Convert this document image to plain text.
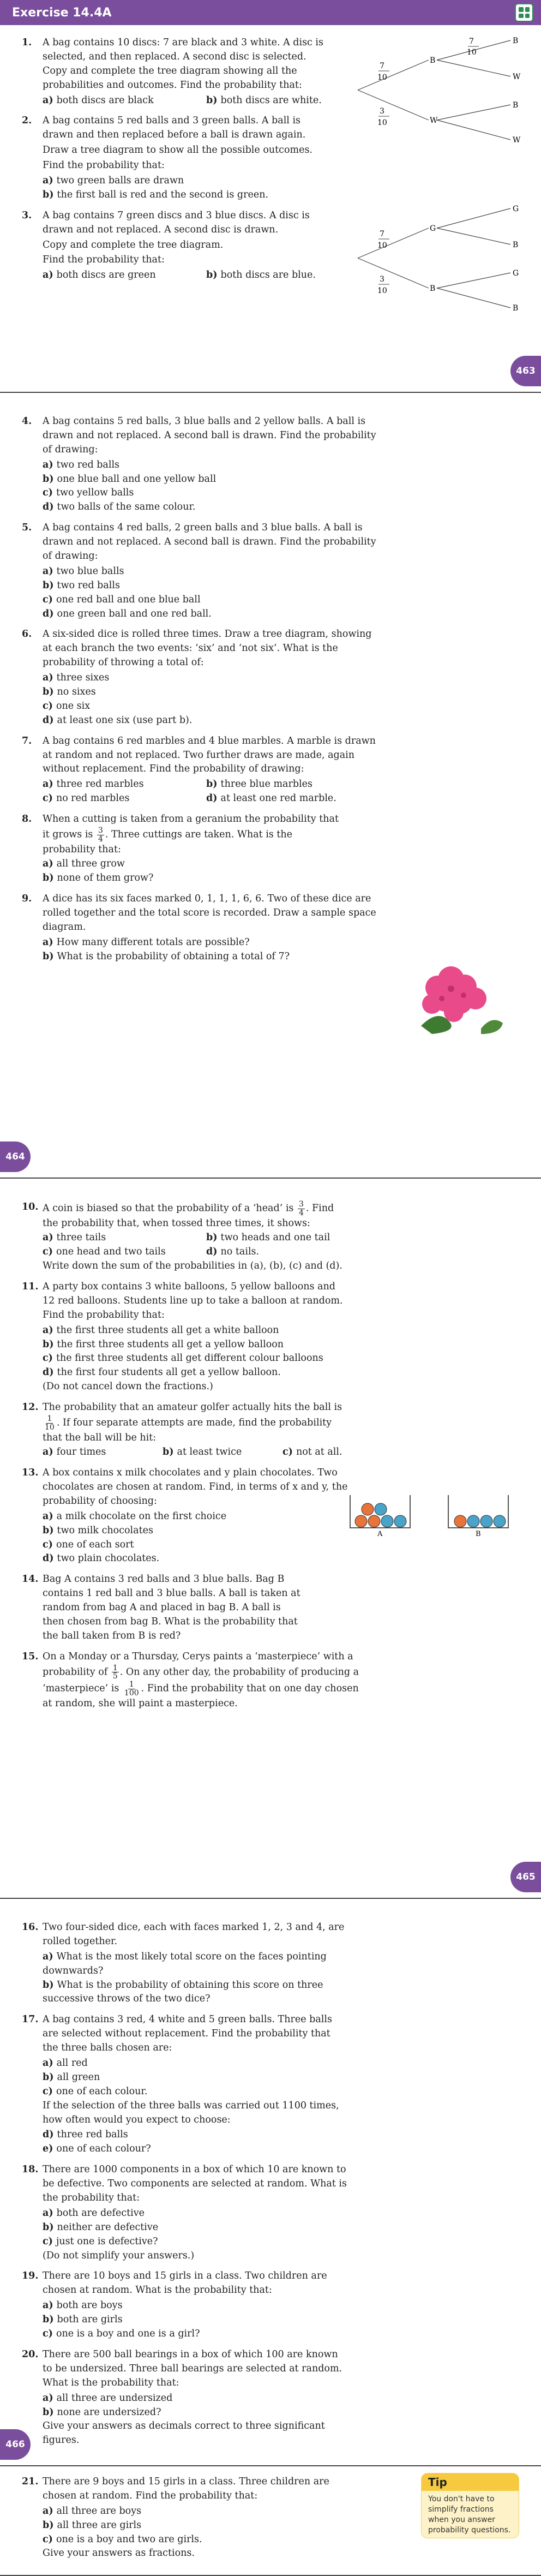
Exercise 14.4A
1. A bag contains 10 discs: 7 are black and 3 white. A disc is selected, and then replaced. A second disc is selected. Copy and complete the tree diagram showing all the probabilities and outcomes. Find the probability that:

a) both discs are black	b) both discs are white.
2. A bag contains 5 red balls and 3 green balls. A ball is drawn and then replaced before a ball is drawn again.

Draw a tree diagram to show all the possible outcomes.

Find the probability that:

a) two green balls are drawn
b) the first ball is red and the second is green.
3. A bag contains 7 green discs and 3 blue discs. A disc is drawn and not replaced. A second disc is drawn.

Copy and complete the tree diagram.

Find the probability that:

a) both discs are green	b) both discs are blue.
7
10
3
10
7
10
B
W
B
W
B
W
7
10
3
10
G
B
G
B
G
B
463
4. A bag contains 5 red balls, 3 blue balls and 2 yellow balls. A ball is drawn and not replaced. A second ball is drawn. Find the probability of drawing:

a) two red balls
b) one blue ball and one yellow ball
c) two yellow balls
d) two balls of the same colour.
5. A bag contains 4 red balls, 2 green balls and 3 blue balls. A ball is drawn and not replaced. A second ball is drawn. Find the probability of drawing:

a) two blue balls
b) two red balls
c) one red ball and one blue ball
d) one green ball and one red ball.
6. A six-sided dice is rolled three times. Draw a tree diagram, showing at each branch the two events: ‘six’ and ‘not six’. What is the probability of throwing a total of:

a) three sixes
b) no sixes
c) one six
d) at least one six (use part b).
7. A bag contains 6 red marbles and 4 blue marbles. A marble is drawn at random and not replaced. Two further draws are made, again without replacement. Find the probability of drawing:

a) three red marbles	b) three blue marbles
c) no red marbles	d) at least one red marble.
8. When a cutting is taken from a geranium the probability that it grows is $\frac{3}{4}$ . Three cuttings are taken. What is the probability that:
a) all three grow
b) none of them grow?
9. A dice has its six faces marked 0, 1, 1, 1, 6, 6. Two of these dice are rolled together and the total score is recorded. Draw a sample space diagram.

a) How many different totals are possible?
b) What is the probability of obtaining a total of 7?
464
10. A coin is biased so that the probability of a ‘head’ is $\frac{3}{4}$ . Find the probability that, when tossed three times, it shows:
a) three tails	b) two heads and one tail
c) one head and two tails	d) no tails.

Write down the sum of the probabilities in (a), (b), (c) and (d).

11. A party box contains 3 white balloons, 5 yellow balloons and 12 red balloons. Students line up to take a balloon at random. Find the probability that:

a) the first three students all get a white balloon
b) the first three students all get a yellow balloon
c) the first three students all get different colour balloons
d) the first four students all get a yellow balloon.

(Do not cancel down the fractions.)

12. The probability that an amateur golfer actually hits the ball is
$\frac{1}{10}$ . If four separate attempts are made, find the probability that the ball will be hit:
a) four times	b) at least twice	c) not at all.
13. A box contains x milk chocolates and y plain chocolates. Two chocolates are chosen at random. Find, in terms of x and y, the probability of choosing:

a) a milk chocolate on the first choice
b) two milk chocolates
c) one of each sort
d) two plain chocolates.
14. Bag A contains 3 red balls and 3 blue balls. Bag B contains 1 red ball and 3 blue balls. A ball is taken at random from bag A and placed in bag B. A ball is then chosen from bag B. What is the probability that the ball taken from B is red?

15. On a Monday or a Thursday, Cerys paints a ‘masterpiece’ with a probability of $\frac{1}{5}$ . On any other day, the probability of producing a ‘masterpiece’ is $\frac{1}{100}$ . Find the probability that on one day chosen at random, she will paint a masterpiece.
A	B
465
16. Two four-sided dice, each with faces marked 1, 2, 3 and 4, are rolled together.

a) What is the most likely total score on the faces pointing downwards?
b) What is the probability of obtaining this score on three successive throws of the two dice?
17. A bag contains 3 red, 4 white and 5 green balls. Three balls are selected without replacement. Find the probability that the three balls chosen are:

a) all red
b) all green
c) one of each colour.

If the selection of the three balls was carried out 1100 times, how often would you expect to choose:

d) three red balls
e) one of each colour?
18. There are 1000 components in a box of which 10 are known to be defective. Two components are selected at random. What is the probability that:

a) both are defective
b) neither are defective
c) just one is defective?

(Do not simplify your answers.)

19. There are 10 boys and 15 girls in a class. Two children are chosen at random. What is the probability that:

a) both are boys
b) both are girls
c) one is a boy and one is a girl?
20. There are 500 ball bearings in a box of which 100 are known to be undersized. Three ball bearings are selected at random. What is the probability that:

a) all three are undersized
b) none are undersized?

Give your answers as decimals correct to three significant figures.

466
21. There are 9 boys and 15 girls in a class. Three children are chosen at random. Find the probability that:

a) all three are boys
b) all three are girls
c) one is a boy and two are girls.

Give your answers as fractions.

Tip
You don't have to simplify fractions when you answer probability questions.
